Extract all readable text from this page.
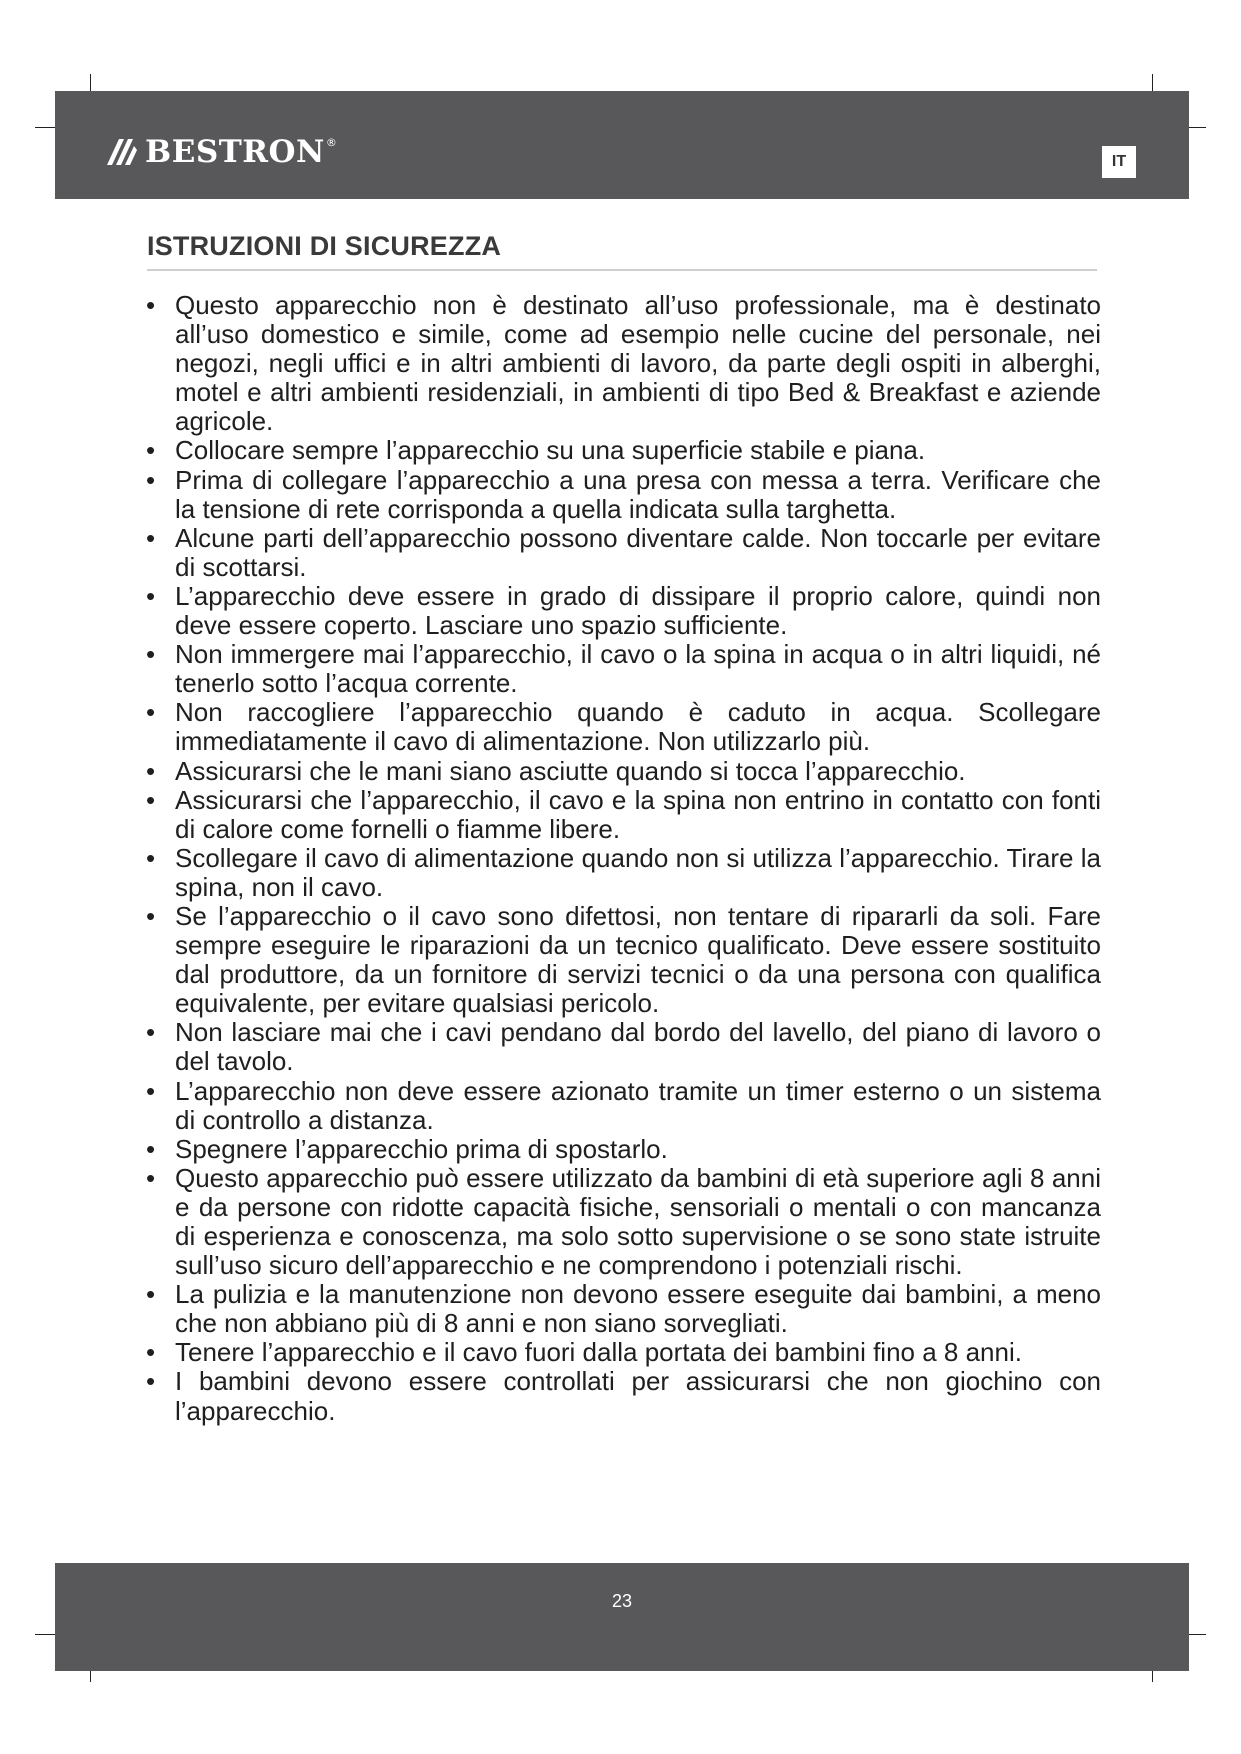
BESTRON ®
IT
ISTRUZIONI DI SICUREZZA
• Questo apparecchio non è destinato all’uso professionale, ma è destinato all’uso domestico e simile, come ad esempio nelle cucine del personale, nei negozi, negli uffici e in altri ambienti di lavoro, da parte degli ospiti in alberghi, motel e altri ambienti residenziali, in ambienti di tipo Bed & Breakfast e aziende agricole.
• Collocare sempre l’apparecchio su una superficie stabile e piana.
• Prima di collegare l’apparecchio a una presa con messa a terra. Verificare che la tensione di rete corrisponda a quella indicata sulla targhetta.
• Alcune parti dell’apparecchio possono diventare calde. Non toccarle per evitare di scottarsi.
• L’apparecchio deve essere in grado di dissipare il proprio calore, quindi non deve essere coperto. Lasciare uno spazio sufficiente.
• Non immergere mai l’apparecchio, il cavo o la spina in acqua o in altri liquidi, né tenerlo sotto l’acqua corrente.
• Non raccogliere l’apparecchio quando è caduto in acqua. Scollegare immediatamente il cavo di alimentazione. Non utilizzarlo più.
• Assicurarsi che le mani siano asciutte quando si tocca l’apparecchio.
• Assicurarsi che l’apparecchio, il cavo e la spina non entrino in contatto con fonti di calore come fornelli o fiamme libere.
• Scollegare il cavo di alimentazione quando non si utilizza l’apparecchio. Tirare la spina, non il cavo.
• Se l’apparecchio o il cavo sono difettosi, non tentare di ripararli da soli. Fare sempre eseguire le riparazioni da un tecnico qualificato. Deve essere sostituito dal produttore, da un fornitore di servizi tecnici o da una persona con qualifica equivalente, per evitare qualsiasi pericolo.
• Non lasciare mai che i cavi pendano dal bordo del lavello, del piano di lavoro o del tavolo.
• L’apparecchio non deve essere azionato tramite un timer esterno o un sistema di controllo a distanza.
• Spegnere l’apparecchio prima di spostarlo.
• Questo apparecchio può essere utilizzato da bambini di età superiore agli 8 anni e da persone con ridotte capacità fisiche, sensoriali o mentali o con mancanza di esperienza e conoscenza, ma solo sotto supervisione o se sono state istruite sull’uso sicuro dell’apparecchio e ne comprendono i potenziali rischi.
• La pulizia e la manutenzione non devono essere eseguite dai bambini, a meno che non abbiano più di 8 anni e non siano sorvegliati.
• Tenere l’apparecchio e il cavo fuori dalla portata dei bambini fino a 8 anni.
• I bambini devono essere controllati per assicurarsi che non giochino con l’apparecchio.
23
